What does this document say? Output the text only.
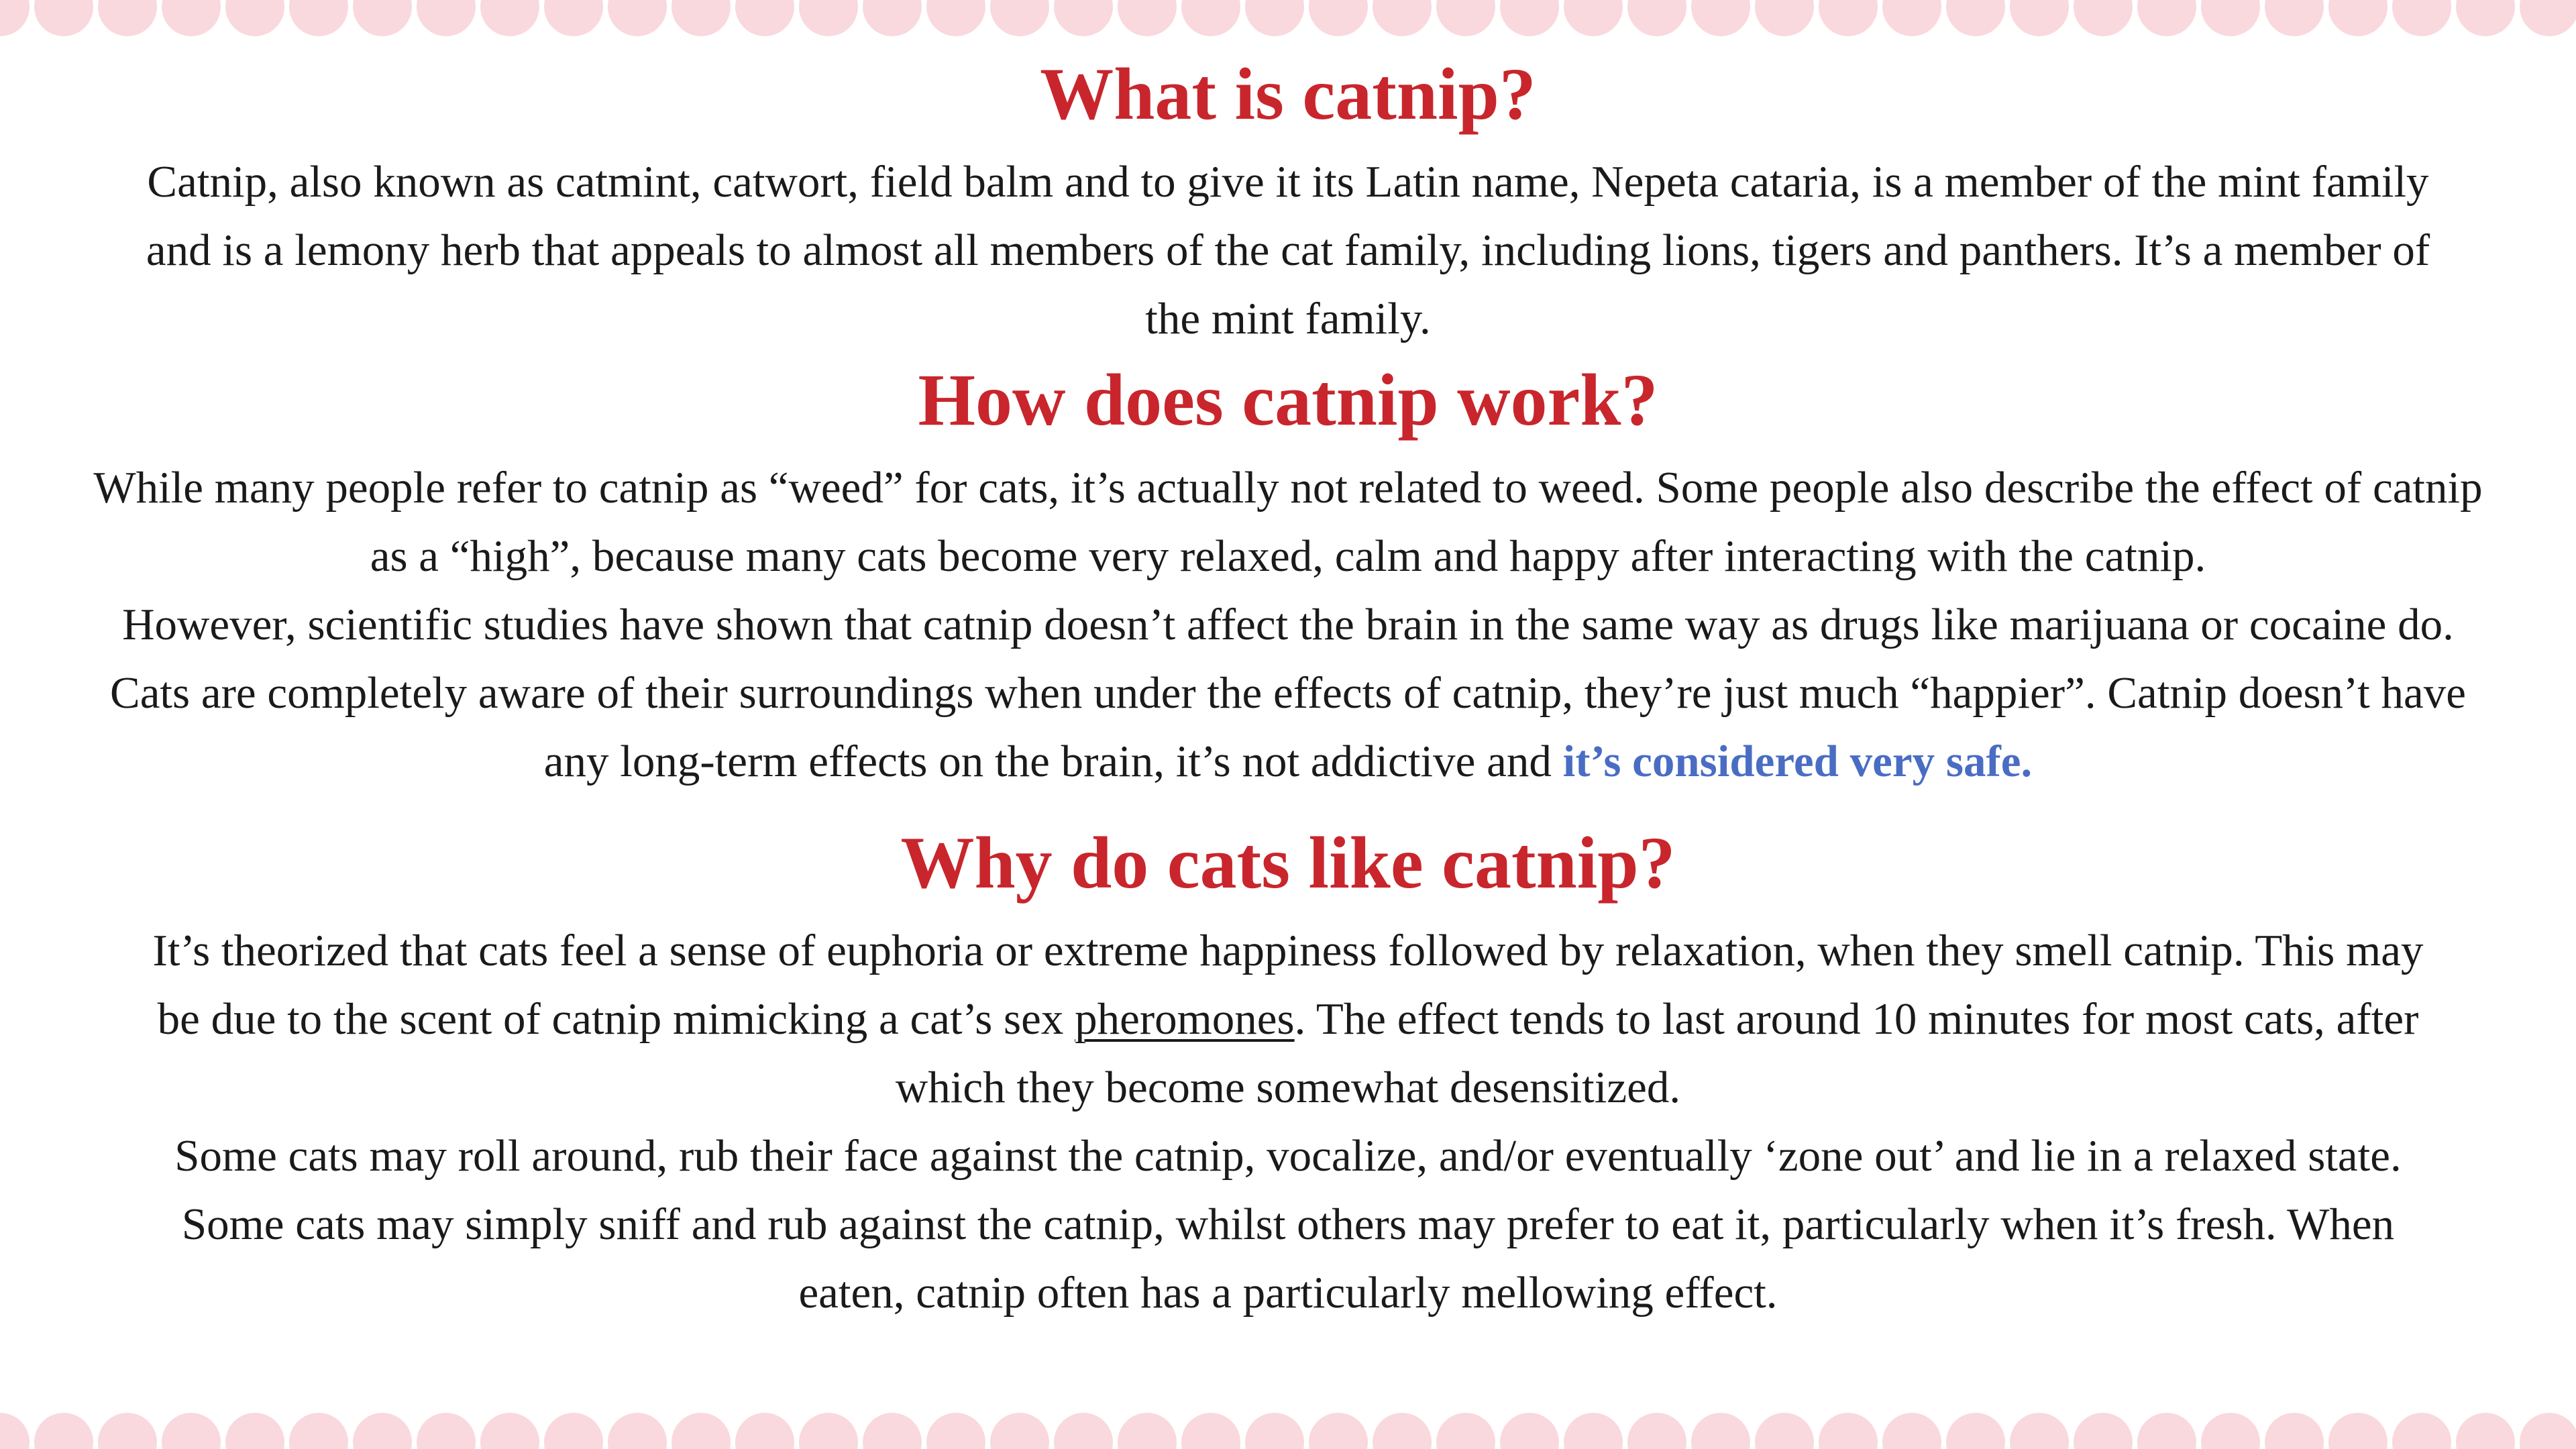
What is catnip?

Catnip, also known as catmint, catwort, field balm and to give it its Latin name, Nepeta cataria, is a member of the mint family and is a lemony herb that appeals to almost all members of the cat family, including lions, tigers and panthers. It’s a member of the mint family.

How does catnip work?

While many people refer to catnip as “weed” for cats, it’s actually not related to weed. Some people also describe the effect of catnip as a “high”, because many cats become very relaxed, calm and happy after interacting with the catnip.

However, scientific studies have shown that catnip doesn’t affect the brain in the same way as drugs like marijuana or cocaine do. Cats are completely aware of their surroundings when under the effects of catnip, they’re just much “happier”. Catnip doesn’t have any long-term effects on the brain, it’s not addictive and it’s considered very safe.

Why do cats like catnip?

It’s theorized that cats feel a sense of euphoria or extreme happiness followed by relaxation, when they smell catnip. This may be due to the scent of catnip mimicking a cat’s sex pheromones. The effect tends to last around 10 minutes for most cats, after which they become somewhat desensitized.

Some cats may roll around, rub their face against the catnip, vocalize, and/or eventually ‘zone out’ and lie in a relaxed state. Some cats may simply sniff and rub against the catnip, whilst others may prefer to eat it, particularly when it’s fresh. When eaten, catnip often has a particularly mellowing effect.
